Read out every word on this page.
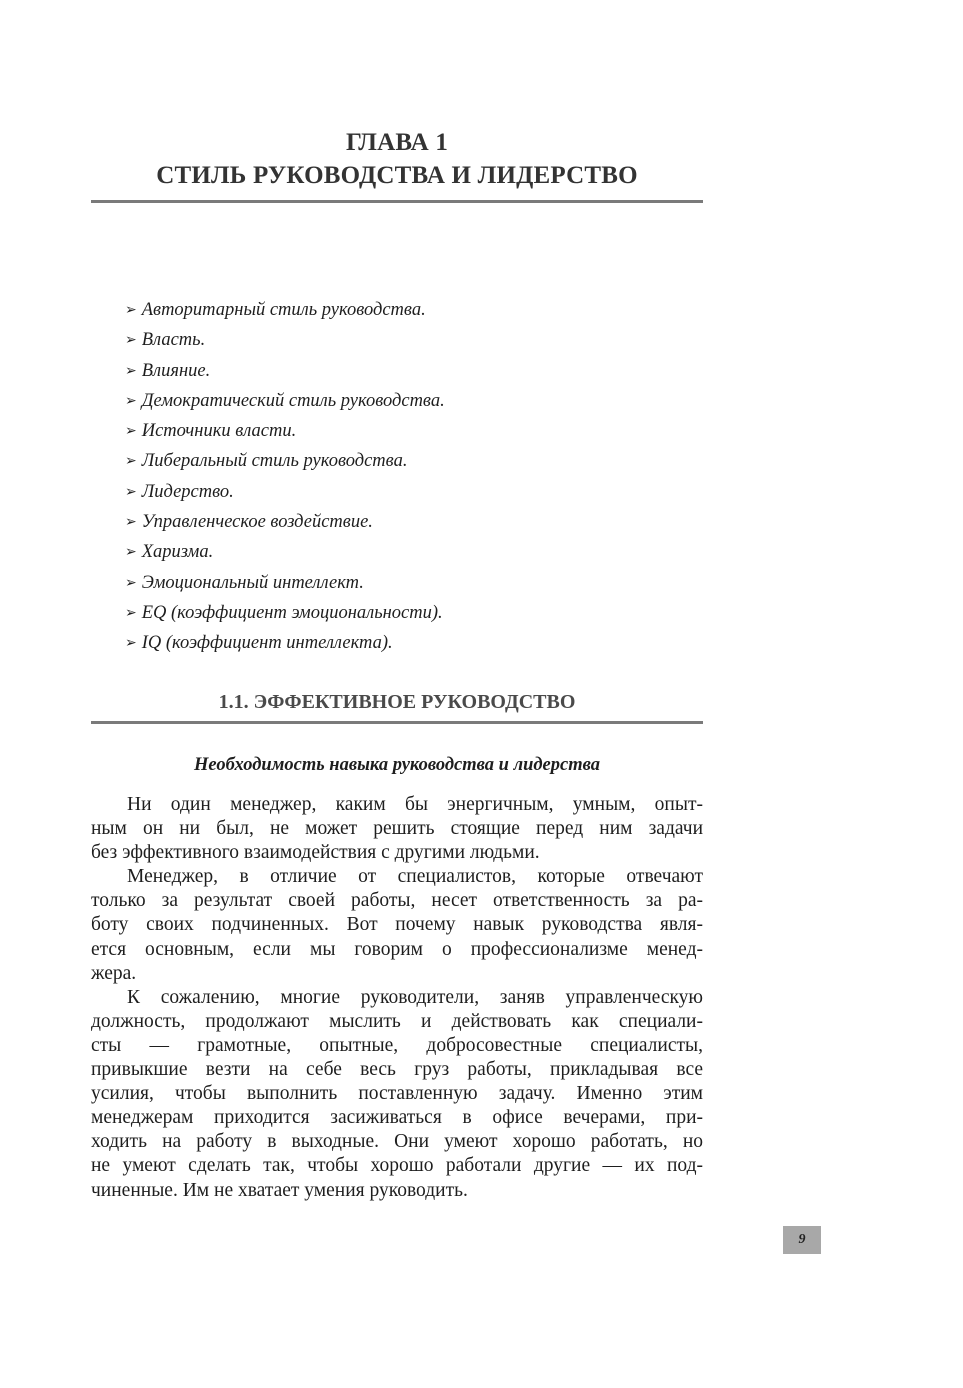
ГЛАВА 1
СТИЛЬ РУКОВОДСТВА И ЛИДЕРСТВО
➢ Авторитарный стиль руководства.
➢ Власть.
➢ Влияние.
➢ Демократический стиль руководства.
➢ Источники власти.
➢ Либеральный стиль руководства.
➢ Лидерство.
➢ Управленческое воздействие.
➢ Харизма.
➢ Эмоциональный интеллект.
➢ EQ (коэффициент эмоциональности).
➢ IQ (коэффициент интеллекта).
1.1. ЭФФЕКТИВНОЕ РУКОВОДСТВО
Необходимость навыка руководства и лидерства

Ни один менеджер, каким бы энергичным, умным, опыт-
ным он ни был, не может решить стоящие перед ним задачи
без эффективного взаимодействия с другими людьми.

Менеджер, в отличие от специалистов, которые отвечают
только за результат своей работы, несет ответственность за ра-
боту своих подчиненных. Вот почему навык руководства явля-
ется основным, если мы говорим о профессионализме менед-
жера.

К сожалению, многие руководители, заняв управленческую
должность, продолжают мыслить и действовать как специали-
сты — грамотные, опытные, добросовестные специалисты,
привыкшие везти на себе весь груз работы, прикладывая все
усилия, чтобы выполнить поставленную задачу. Именно этим
менеджерам приходится засиживаться в офисе вечерами, при-
ходить на работу в выходные. Они умеют хорошо работать, но
не умеют сделать так, чтобы хорошо работали другие — их под-
чиненные. Им не хватает умения руководить.

9
